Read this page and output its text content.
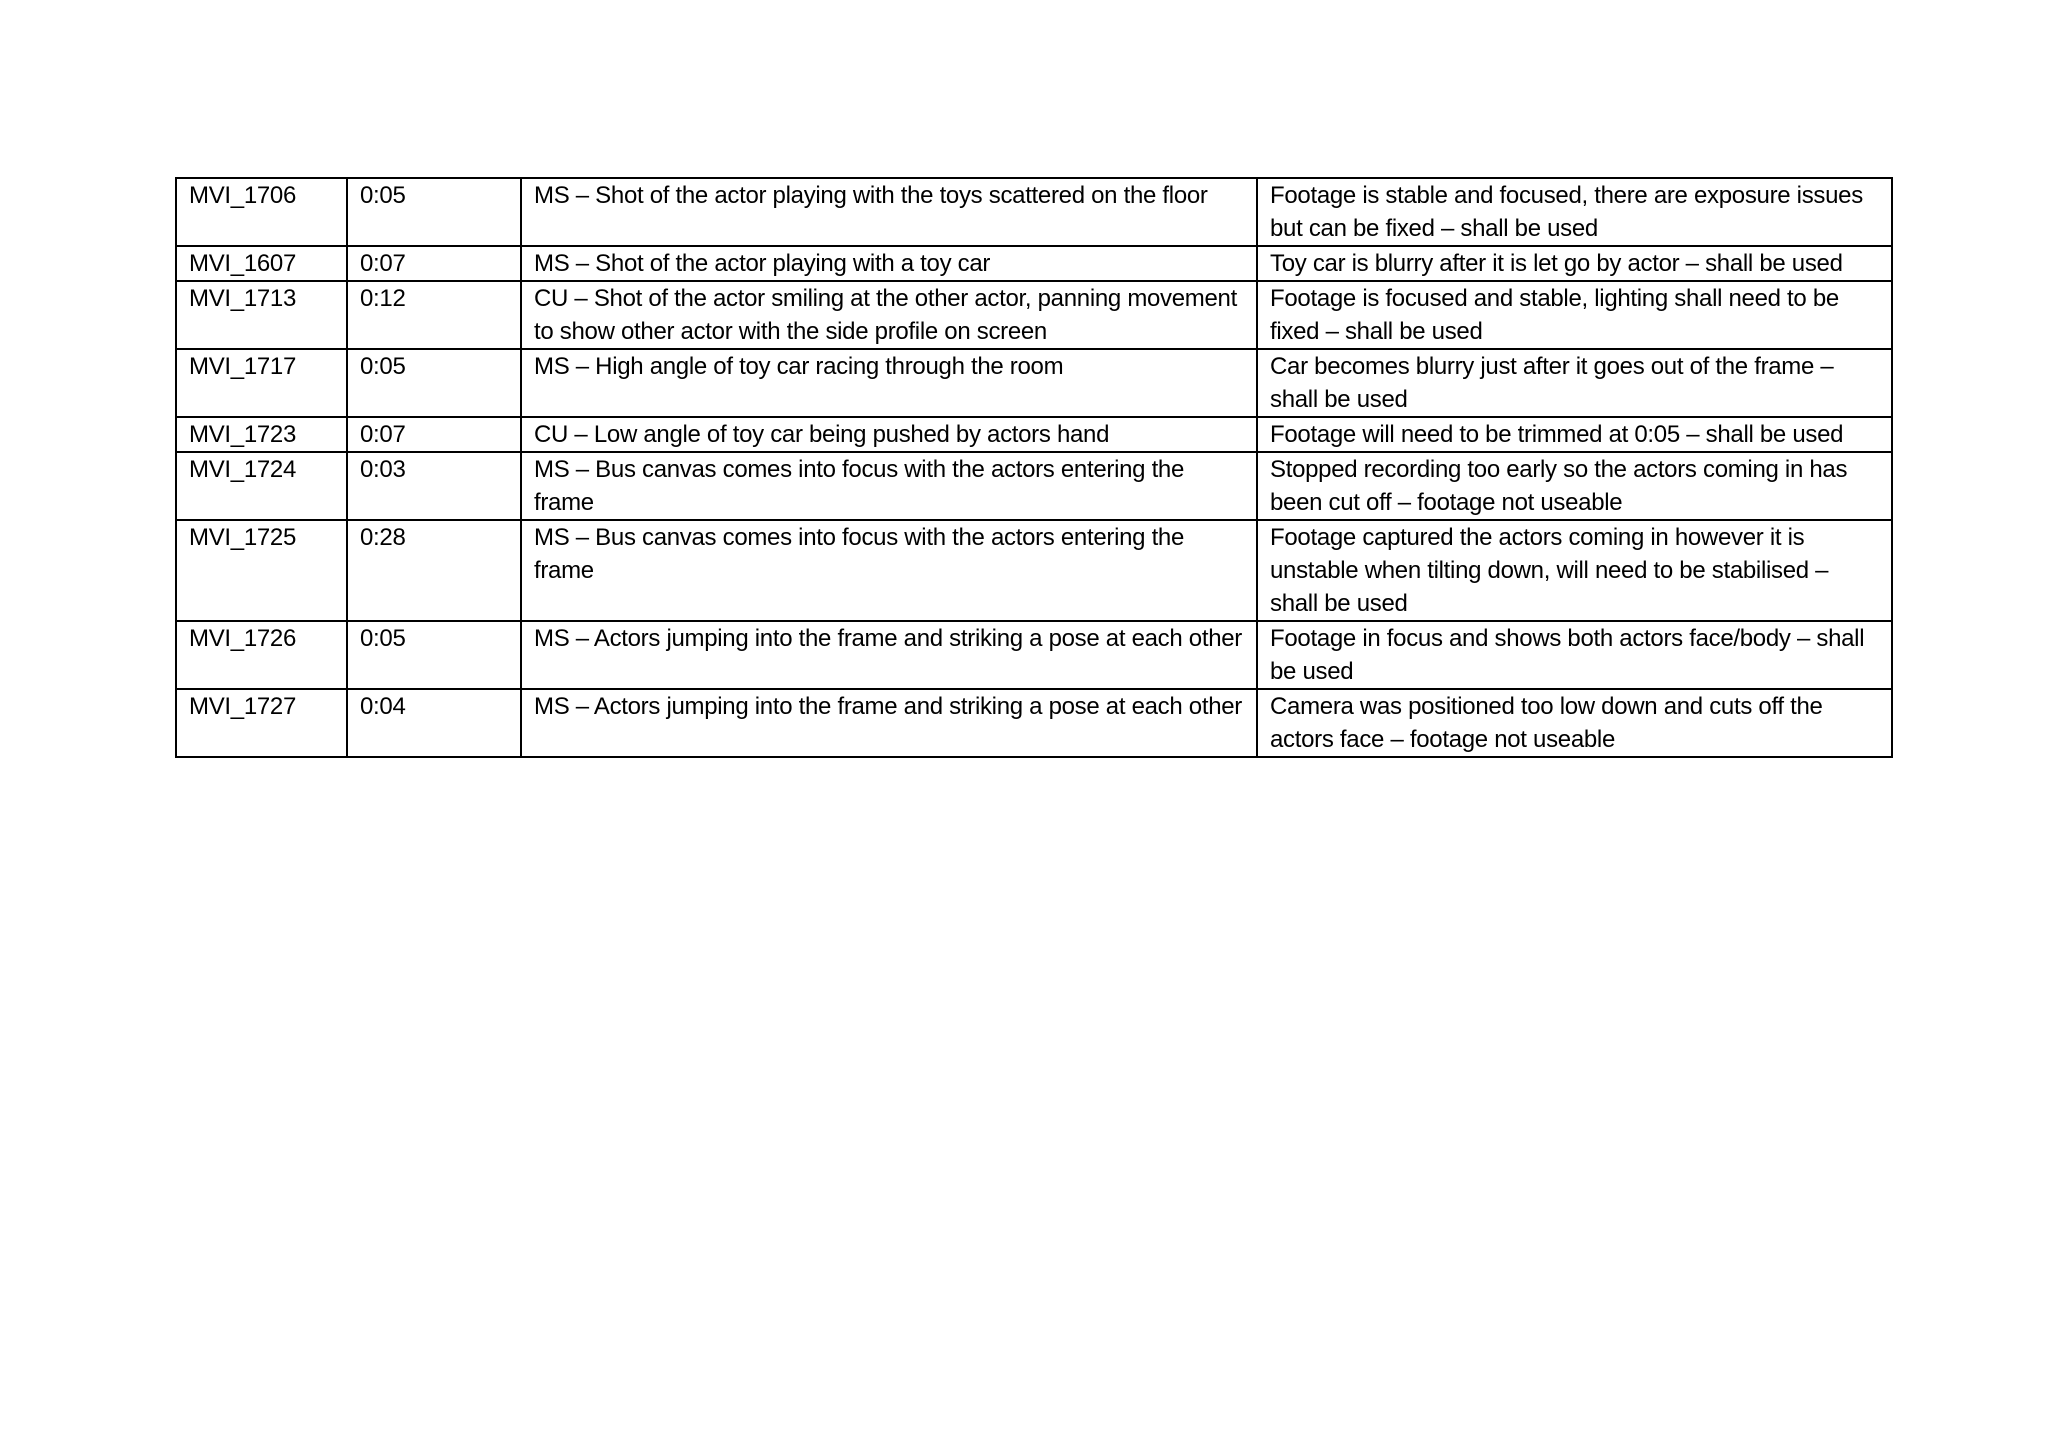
MVI_1706	0:05	MS – Shot of the actor playing with the toys scattered on the floor	Footage is stable and focused, there are exposure issues but can be fixed – shall be used
MVI_1607	0:07	MS – Shot of the actor playing with a toy car	Toy car is blurry after it is let go by actor – shall be used
MVI_1713	0:12	CU – Shot of the actor smiling at the other actor, panning movement to show other actor with the side profile on screen	Footage is focused and stable, lighting shall need to be fixed – shall be used
MVI_1717	0:05	MS – High angle of toy car racing through the room	Car becomes blurry just after it goes out of the frame – shall be used
MVI_1723	0:07	CU – Low angle of toy car being pushed by actors hand	Footage will need to be trimmed at 0:05 – shall be used
MVI_1724	0:03	MS – Bus canvas comes into focus with the actors entering the frame	Stopped recording too early so the actors coming in has been cut off – footage not useable
MVI_1725	0:28	MS – Bus canvas comes into focus with the actors entering the frame	Footage captured the actors coming in however it is unstable when tilting down, will need to be stabilised – shall be used
MVI_1726	0:05	MS – Actors jumping into the frame and striking a pose at each other	Footage in focus and shows both actors face/body – shall be used
MVI_1727	0:04	MS – Actors jumping into the frame and striking a pose at each other	Camera was positioned too low down and cuts off the actors face – footage not useable
